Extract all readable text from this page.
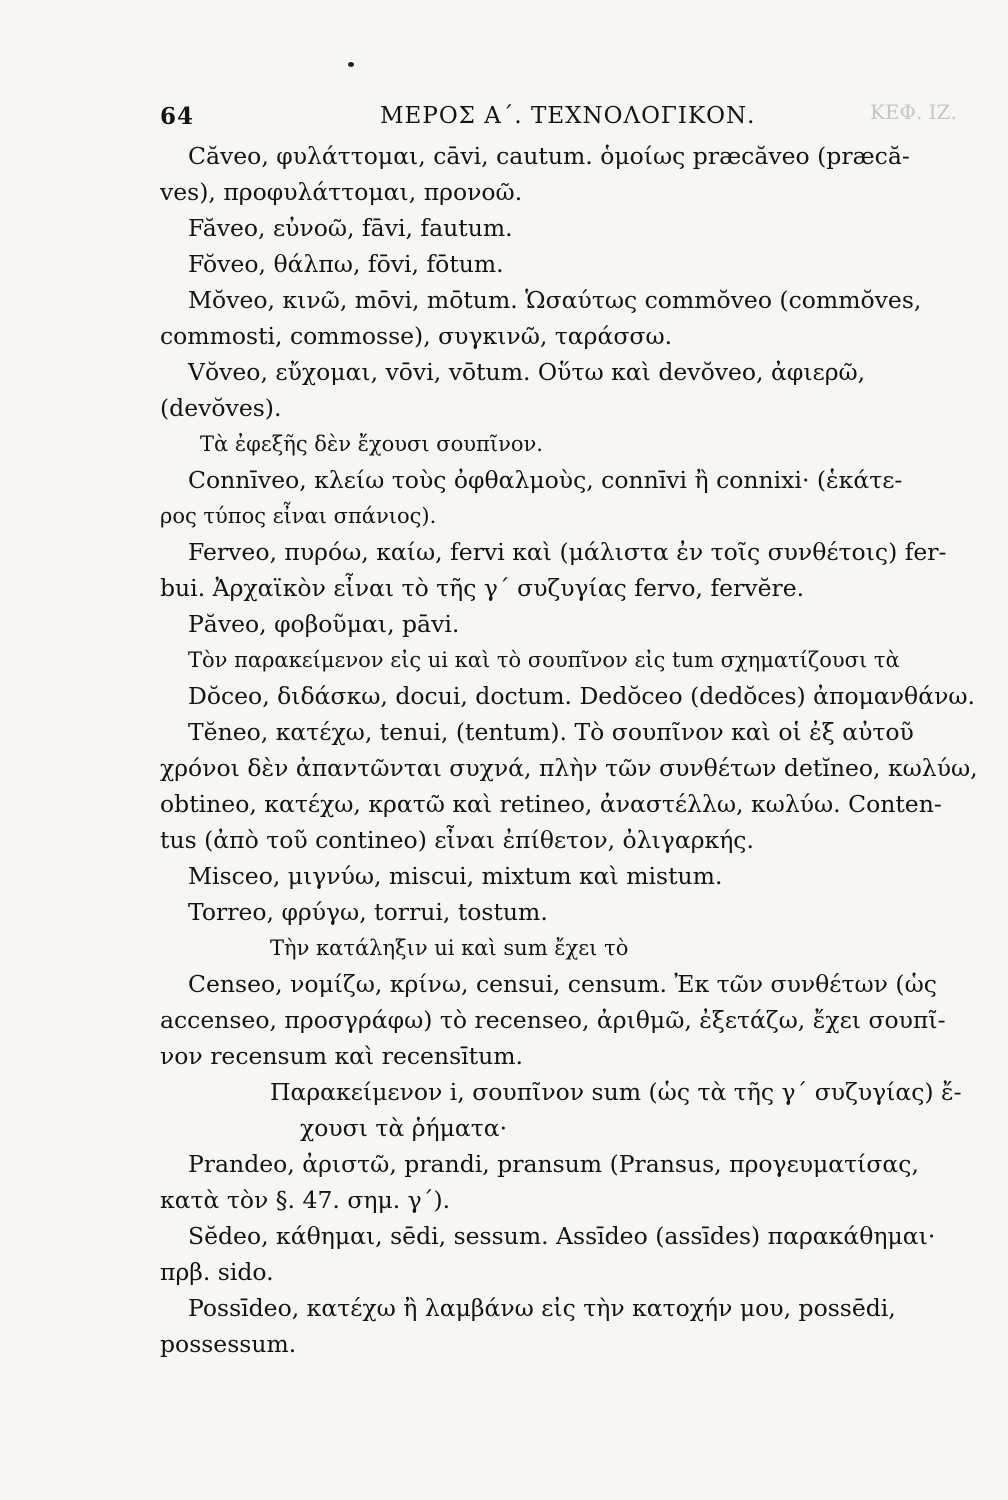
64	ΜΕΡΟΣ Α΄. ΤΕΧΝΟΛΟΓΙΚΟΝ.	ΚΕΦ. ΙΖ.
Căveo, φυλάττομαι, cāvi, cautum. ὁμοίως præcăveo (præcă-
ves), προφυλάττομαι, προνοῶ.
Făveo, εὐνοῶ, fāvi, fautum.
Fŏveo, θάλπω, fōvi, fōtum.
Mŏveo, κινῶ, mōvi, mōtum. Ὡσαύτως commŏveo (commŏves,
commosti, commosse), συγκινῶ, ταράσσω.
Vŏveo, εὔχομαι, vōvi, vōtum. Οὕτω καὶ devŏveo, ἀφιερῶ,
(devŏves).
Τὰ ἐφεξῆς δὲν ἔχουσι σουπῖνον.
Connīveo, κλείω τοὺς ὀφθαλμοὺς, connīvi ἢ connixi· (ἑκάτε-
ρος τύπος εἶναι σπάνιος).
Ferveo, πυρόω, καίω, fervi καὶ (μάλιστα ἐν τοῖς συνθέτοις) fer-
bui. Ἀρχαϊκὸν εἶναι τὸ τῆς γ΄ συζυγίας fervo, fervĕre.
Păveo, φοβοῦμαι, pāvi.
Τὸν παρακείμενον εἰς ui καὶ τὸ σουπῖνον εἰς tum σχηματίζουσι τὰ
Dŏceo, διδάσκω, docui, doctum. Dedŏceo (dedŏces) ἀπομανθάνω.
Tĕneo, κατέχω, tenui, (tentum). Τὸ σουπῖνον καὶ οἱ ἐξ αὐτοῦ
χρόνοι δὲν ἀπαντῶνται συχνά, πλὴν τῶν συνθέτων detĭneo, κωλύω,
obtineo, κατέχω, κρατῶ καὶ retineo, ἀναστέλλω, κωλύω. Conten-
tus (ἀπὸ τοῦ contineo) εἶναι ἐπίθετον, ὀλιγαρκής.
Misceo, μιγνύω, miscui, mixtum καὶ mistum.
Torreo, φρύγω, torrui, tostum.
Τὴν κατάληξιν ui καὶ sum ἔχει τὸ
Censeo, νομίζω, κρίνω, censui, censum. Ἐκ τῶν συνθέτων (ὡς
accenseo, προσγράφω) τὸ recenseo, ἀριθμῶ, ἐξετάζω, ἔχει σουπῖ-
νον recensum καὶ recensītum.
Παρακείμενον i, σουπῖνον sum (ὡς τὰ τῆς γ΄ συζυγίας) ἔ-
χουσι τὰ ῥήματα·
Prandeo, ἀριστῶ, prandi, pransum (Pransus, προγευματίσας,
κατὰ τὸν §. 47. σημ. γ΄).
Sĕdeo, κάθημαι, sēdi, sessum. Assīdeo (assīdes) παρακάθημαι·
πρβ. sido.
Possīdeo, κατέχω ἢ λαμβάνω εἰς τὴν κατοχήν μου, possēdi,
possessum.
